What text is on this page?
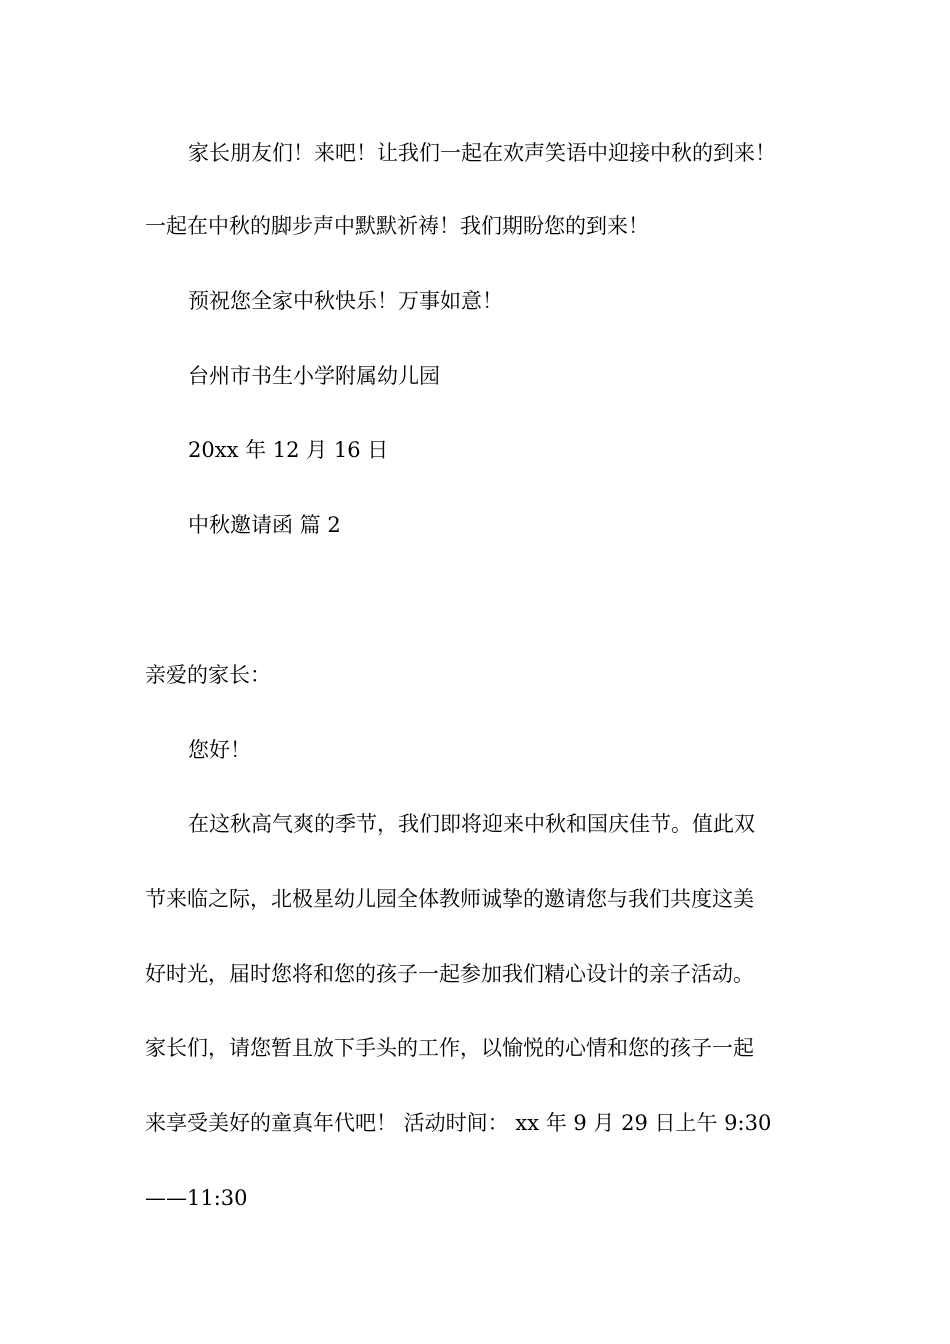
家长朋友们！来吧！让我们一起在欢声笑语中迎接中秋的到来！
一起在中秋的脚步声中默默祈祷！我们期盼您的到来！
预祝您全家中秋快乐！万事如意！
台州市书生小学附属幼儿园
20xx 年 12 月 16 日
中秋邀请函 篇 2
亲爱的家长：
您好！
在这秋高气爽的季节，我们即将迎来中秋和国庆佳节。值此双
节来临之际，北极星幼儿园全体教师诚挚的邀请您与我们共度这美
好时光，届时您将和您的孩子一起参加我们精心设计的亲子活动。
家长们，请您暂且放下手头的工作，以愉悦的心情和您的孩子一起
来享受美好的童真年代吧！ 活动时间： xx 年 9 月 29 日上午 9:30
——11:30
